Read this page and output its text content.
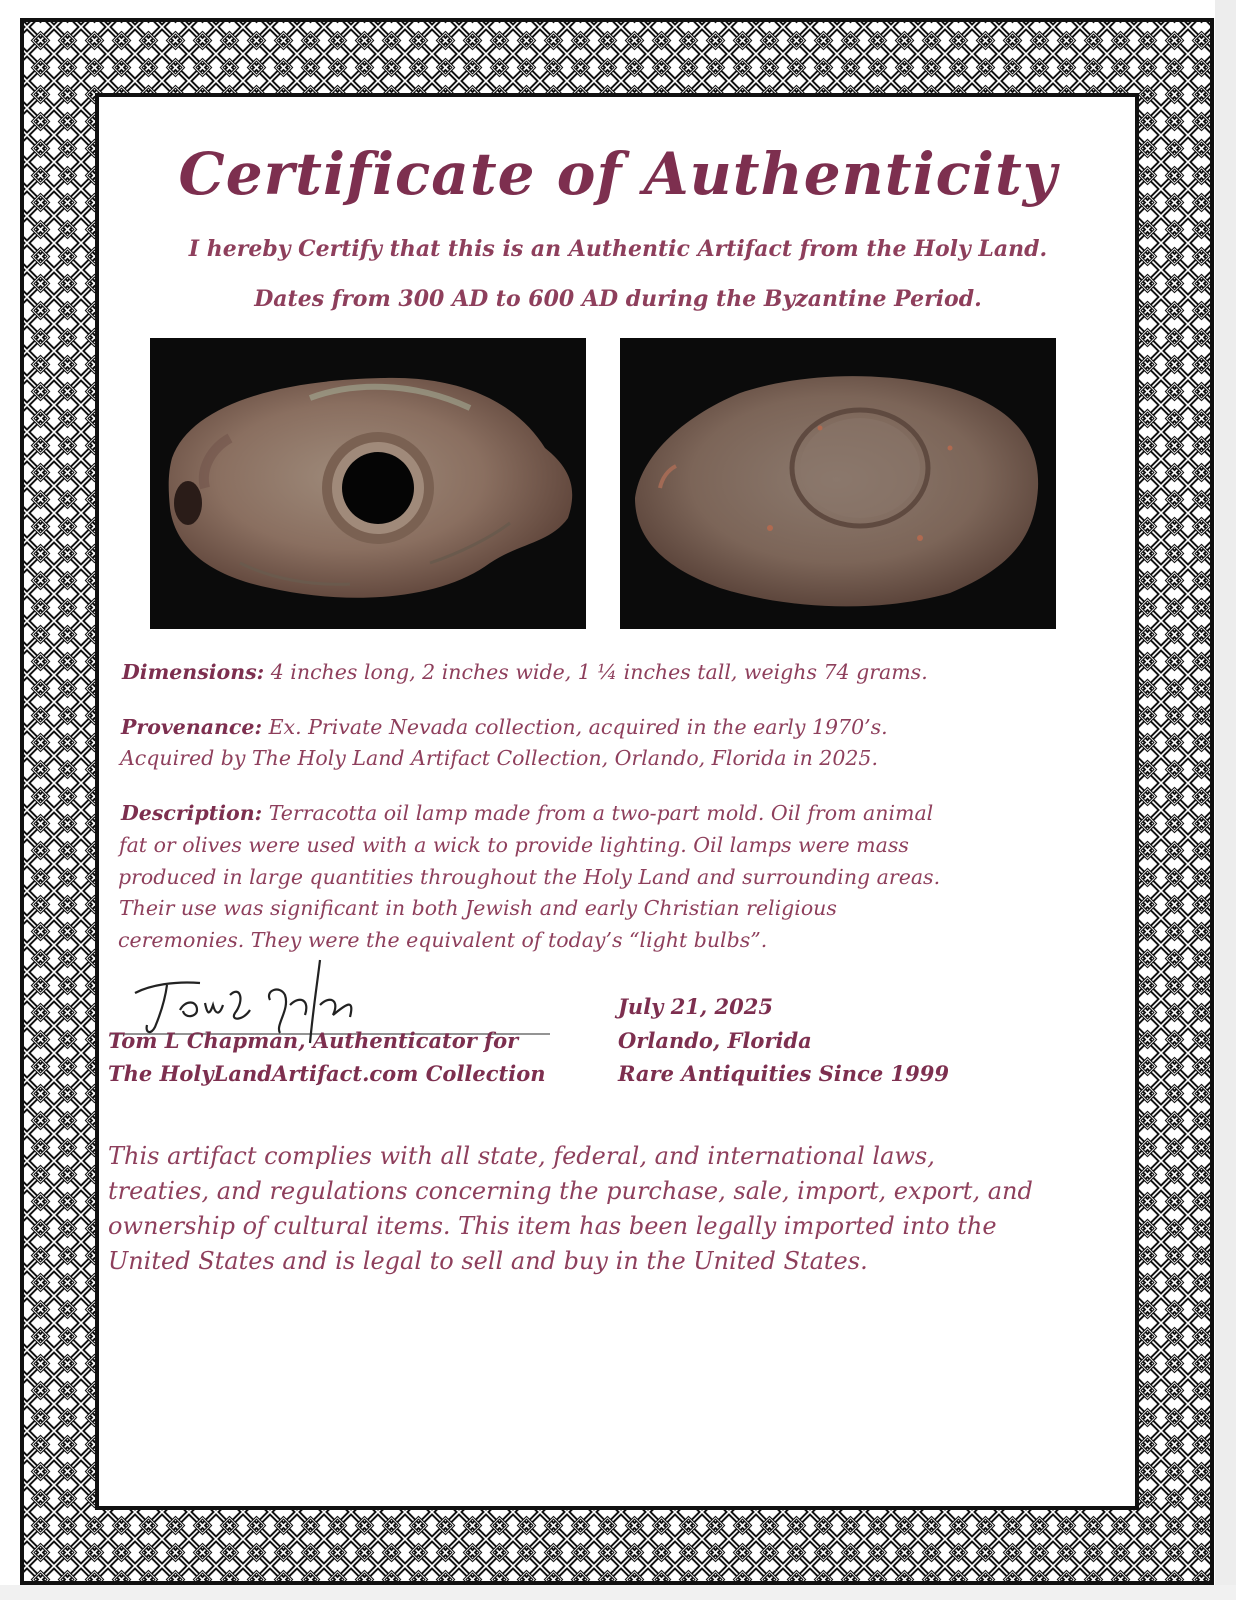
Certificate of Authenticity
I hereby Certify that this is an Authentic Artifact from the Holy Land.
Dates from 300 AD to 600 AD during the Byzantine Period.
Dimensions: 4 inches long, 2 inches wide, 1 ¼ inches tall, weighs 74 grams.
Provenance: Ex. Private Nevada collection, acquired in the early 1970’s.
Acquired by The Holy Land Artifact Collection, Orlando, Florida in 2025.
Description: Terracotta oil lamp made from a two-part mold. Oil from animal
fat or olives were used with a wick to provide lighting. Oil lamps were mass
produced in large quantities throughout the Holy Land and surrounding areas.
Their use was significant in both Jewish and early Christian religious
ceremonies. They were the equivalent of today’s “light bulbs”.
Tom L Chapman, Authenticator for
The HolyLandArtifact.com Collection
July 21, 2025
Orlando, Florida
Rare Antiquities Since 1999
This artifact complies with all state, federal, and international laws,
treaties, and regulations concerning the purchase, sale, import, export, and
ownership of cultural items. This item has been legally imported into the
United States and is legal to sell and buy in the United States.
